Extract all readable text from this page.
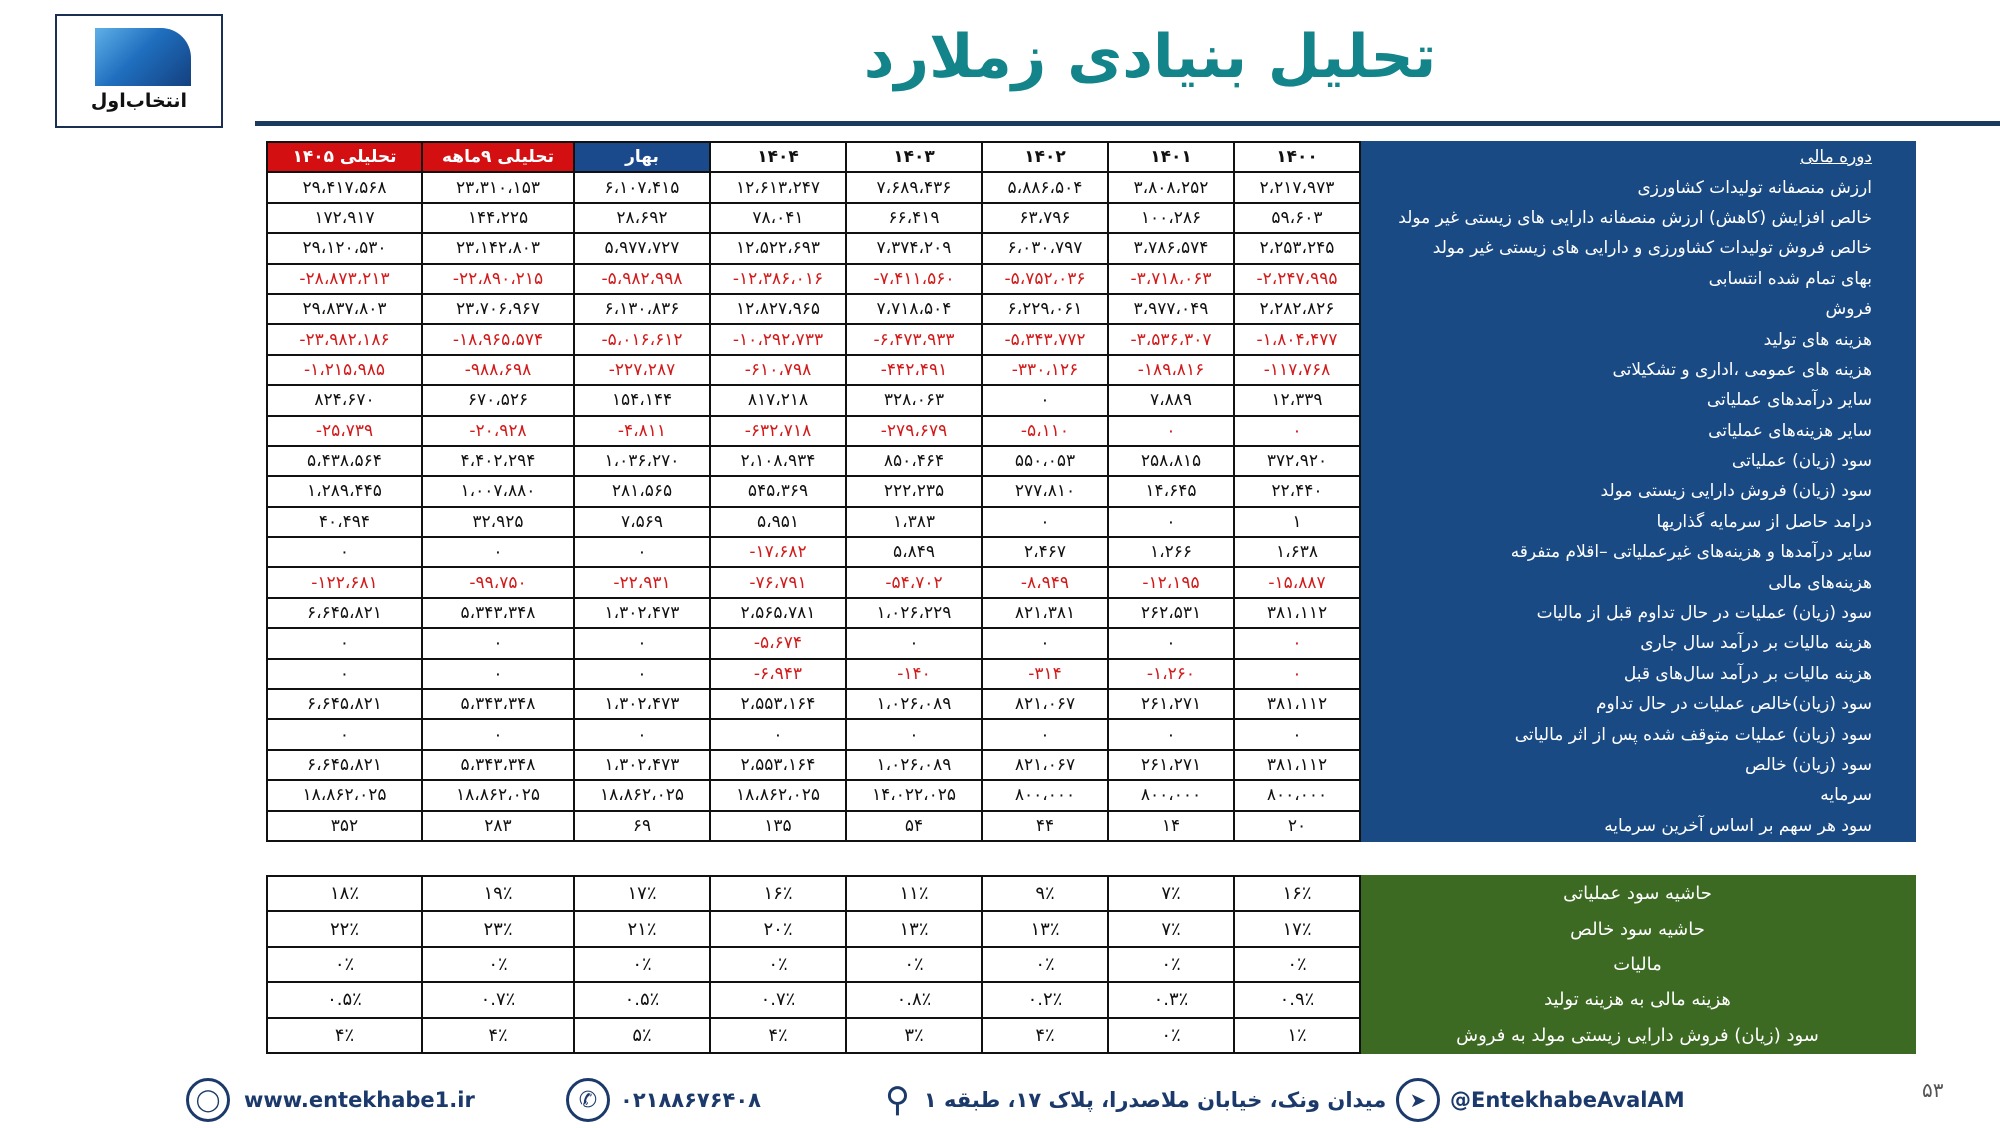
انتخاب‌اول
تحلیل بنیادی زملارد
تحلیلی ۱۴۰۵	تحلیلی ۹ماهه	بهار	۱۴۰۴	۱۴۰۳	۱۴۰۲	۱۴۰۱	۱۴۰۰	دوره مالی
۲۹،۴۱۷،۵۶۸	۲۳،۳۱۰،۱۵۳	۶،۱۰۷،۴۱۵	۱۲،۶۱۳،۲۴۷	۷،۶۸۹،۴۳۶	۵،۸۸۶،۵۰۴	۳،۸۰۸،۲۵۲	۲،۲۱۷،۹۷۳	ارزش منصفانه تولیدات کشاورزی
۱۷۲،۹۱۷	۱۴۴،۲۲۵	۲۸،۶۹۲	۷۸،۰۴۱	۶۶،۴۱۹	۶۳،۷۹۶	۱۰۰،۲۸۶	۵۹،۶۰۳	خالص افزایش (کاهش) ارزش منصفانه دارایی های زیستی غیر مولد
۲۹،۱۲۰،۵۳۰	۲۳،۱۴۲،۸۰۳	۵،۹۷۷،۷۲۷	۱۲،۵۲۲،۶۹۳	۷،۳۷۴،۲۰۹	۶،۰۳۰،۷۹۷	۳،۷۸۶،۵۷۴	۲،۲۵۳،۲۴۵	خالص فروش تولیدات کشاورزی و دارایی های زیستی غیر مولد
-۲۸،۸۷۳،۲۱۳	-۲۲،۸۹۰،۲۱۵	-۵،۹۸۲،۹۹۸	-۱۲،۳۸۶،۰۱۶	-۷،۴۱۱،۵۶۰	-۵،۷۵۲،۰۳۶	-۳،۷۱۸،۰۶۳	-۲،۲۴۷،۹۹۵	بهای تمام شده انتسابی
۲۹،۸۳۷،۸۰۳	۲۳،۷۰۶،۹۶۷	۶،۱۳۰،۸۳۶	۱۲،۸۲۷،۹۶۵	۷،۷۱۸،۵۰۴	۶،۲۲۹،۰۶۱	۳،۹۷۷،۰۴۹	۲،۲۸۲،۸۲۶	فروش
-۲۳،۹۸۲،۱۸۶	-۱۸،۹۶۵،۵۷۴	-۵،۰۱۶،۶۱۲	-۱۰،۲۹۲،۷۳۳	-۶،۴۷۳،۹۳۳	-۵،۳۴۳،۷۷۲	-۳،۵۳۶،۳۰۷	-۱،۸۰۴،۴۷۷	هزینه های تولید
-۱،۲۱۵،۹۸۵	-۹۸۸،۶۹۸	-۲۲۷،۲۸۷	-۶۱۰،۷۹۸	-۴۴۲،۴۹۱	-۳۳۰،۱۲۶	-۱۸۹،۸۱۶	-۱۱۷،۷۶۸	هزینه های عمومی ،اداری و تشکیلاتی
۸۲۴،۶۷۰	۶۷۰،۵۲۶	۱۵۴،۱۴۴	۸۱۷،۲۱۸	۳۲۸،۰۶۳	۰	۷،۸۸۹	۱۲،۳۳۹	سایر درآمدهای عملیاتی
-۲۵،۷۳۹	-۲۰،۹۲۸	-۴،۸۱۱	-۶۳۲،۷۱۸	-۲۷۹،۶۷۹	-۵،۱۱۰	۰	۰	سایر هزینه‌های عملیاتی
۵،۴۳۸،۵۶۴	۴،۴۰۲،۲۹۴	۱،۰۳۶،۲۷۰	۲،۱۰۸،۹۳۴	۸۵۰،۴۶۴	۵۵۰،۰۵۳	۲۵۸،۸۱۵	۳۷۲،۹۲۰	سود (زیان) عملیاتی
۱،۲۸۹،۴۴۵	۱،۰۰۷،۸۸۰	۲۸۱،۵۶۵	۵۴۵،۳۶۹	۲۲۲،۲۳۵	۲۷۷،۸۱۰	۱۴،۶۴۵	۲۲،۴۴۰	سود (زیان) فروش دارایی زیستی مولد
۴۰،۴۹۴	۳۲،۹۲۵	۷،۵۶۹	۵،۹۵۱	۱،۳۸۳	۰	۰	۱	درامد حاصل از سرمایه گذاریها
۰	۰	۰	-۱۷،۶۸۲	۵،۸۴۹	۲،۴۶۷	۱،۲۶۶	۱،۶۳۸	سایر درآمدها و هزینه‌های غیرعملیاتی –اقلام متفرقه
-۱۲۲،۶۸۱	-۹۹،۷۵۰	-۲۲،۹۳۱	-۷۶،۷۹۱	-۵۴،۷۰۲	-۸،۹۴۹	-۱۲،۱۹۵	-۱۵،۸۸۷	هزینه‌های مالی
۶،۶۴۵،۸۲۱	۵،۳۴۳،۳۴۸	۱،۳۰۲،۴۷۳	۲،۵۶۵،۷۸۱	۱،۰۲۶،۲۲۹	۸۲۱،۳۸۱	۲۶۲،۵۳۱	۳۸۱،۱۱۲	سود (زیان) عملیات در حال تداوم قبل از مالیات
۰	۰	۰	-۵،۶۷۴	۰	۰	۰	۰	هزینه مالیات بر درآمد سال جاری
۰	۰	۰	-۶،۹۴۳	-۱۴۰	-۳۱۴	-۱،۲۶۰	۰	هزینه مالیات بر درآمد سال‌های قبل
۶،۶۴۵،۸۲۱	۵،۳۴۳،۳۴۸	۱،۳۰۲،۴۷۳	۲،۵۵۳،۱۶۴	۱،۰۲۶،۰۸۹	۸۲۱،۰۶۷	۲۶۱،۲۷۱	۳۸۱،۱۱۲	سود (زیان)خالص عملیات در حال تداوم
۰	۰	۰	۰	۰	۰	۰	۰	سود (زیان) عملیات متوقف شده پس از اثر مالیاتی
۶،۶۴۵،۸۲۱	۵،۳۴۳،۳۴۸	۱،۳۰۲،۴۷۳	۲،۵۵۳،۱۶۴	۱،۰۲۶،۰۸۹	۸۲۱،۰۶۷	۲۶۱،۲۷۱	۳۸۱،۱۱۲	سود (زیان) خالص
۱۸،۸۶۲،۰۲۵	۱۸،۸۶۲،۰۲۵	۱۸،۸۶۲،۰۲۵	۱۸،۸۶۲،۰۲۵	۱۴،۰۲۲،۰۲۵	۸۰۰،۰۰۰	۸۰۰،۰۰۰	۸۰۰،۰۰۰	سرمایه
۳۵۲	۲۸۳	۶۹	۱۳۵	۵۴	۴۴	۱۴	۲۰	سود هر سهم بر اساس آخرین سرمایه
۱۸٪	۱۹٪	۱۷٪	۱۶٪	۱۱٪	۹٪	۷٪	۱۶٪	حاشیه سود عملیاتی
۲۲٪	۲۳٪	۲۱٪	۲۰٪	۱۳٪	۱۳٪	۷٪	۱۷٪	حاشیه سود خالص
۰٪	۰٪	۰٪	۰٪	۰٪	۰٪	۰٪	۰٪	مالیات
۰.۵٪	۰.۷٪	۰.۵٪	۰.۷٪	۰.۸٪	۰.۲٪	۰.۳٪	۰.۹٪	هزینه مالی به هزینه تولید
۴٪	۴٪	۵٪	۴٪	۳٪	۴٪	۰٪	۱٪	سود (زیان) فروش دارایی زیستی مولد به فروش
◯	www.entekhabe1.ir	✆	۰۲۱۸۸۶۷۶۴۰۸	⚲ میدان ونک، خیابان ملاصدرا، پلاک ۱۷، طبقه ۱	➤	@EntekhabeAvalAM	۵۳
